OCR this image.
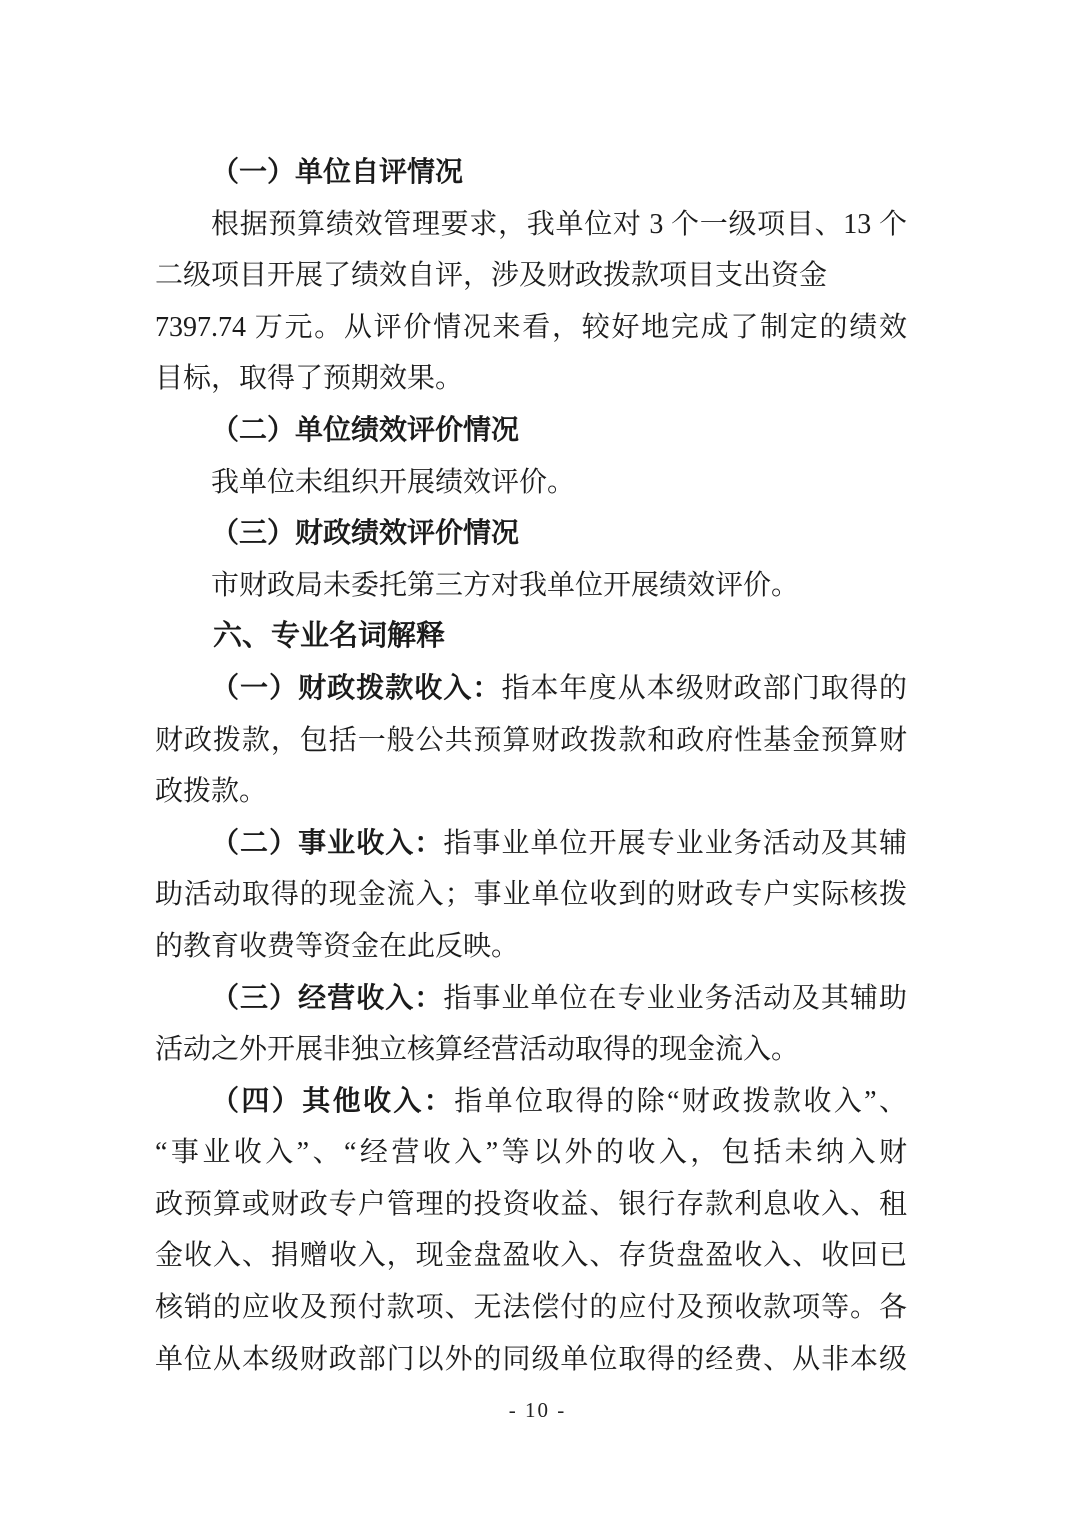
（一）单位自评情况
根据预算绩效管理要求，我单位对 3 个一级项目、13 个
二级项目开展了绩效自评，涉及财政拨款项目支出资金
7397.74 万元。从评价情况来看，较好地完成了制定的绩效
目标，取得了预期效果。
（二）单位绩效评价情况
我单位未组织开展绩效评价。
（三）财政绩效评价情况
市财政局未委托第三方对我单位开展绩效评价。
六、专业名词解释
（一）财政拨款收入：指本年度从本级财政部门取得的
财政拨款，包括一般公共预算财政拨款和政府性基金预算财
政拨款。
（二）事业收入：指事业单位开展专业业务活动及其辅
助活动取得的现金流入；事业单位收到的财政专户实际核拨
的教育收费等资金在此反映。
（三）经营收入：指事业单位在专业业务活动及其辅助
活动之外开展非独立核算经营活动取得的现金流入。
（四）其他收入：指单位取得的除“财政拨款收入”、
“事业收入”、“经营收入”等以外的收入，包括未纳入财
政预算或财政专户管理的投资收益、银行存款利息收入、租
金收入、捐赠收入，现金盘盈收入、存货盘盈收入、收回已
核销的应收及预付款项、无法偿付的应付及预收款项等。各
单位从本级财政部门以外的同级单位取得的经费、从非本级
- 10 -
